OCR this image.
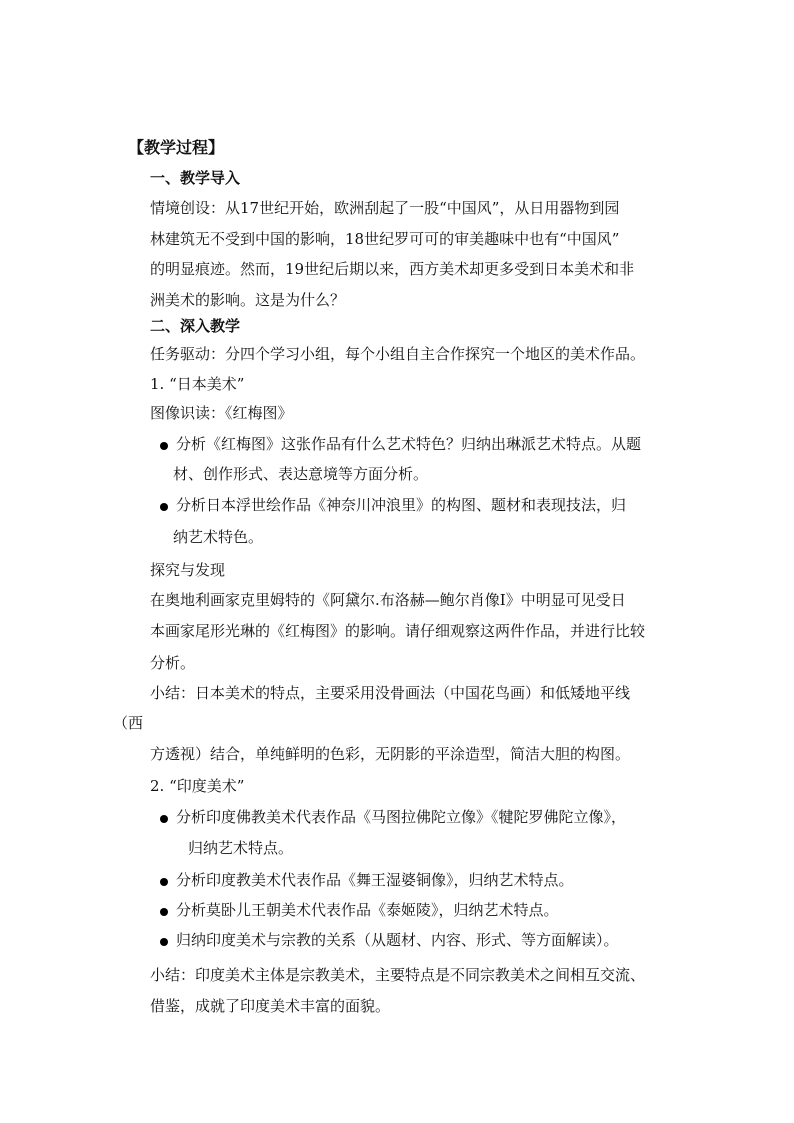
【教学过程】
一、教学导入
情境创设：从17世纪开始，欧洲刮起了一股“中国风”，从日用器物到园
林建筑无不受到中国的影响，18世纪罗可可的审美趣味中也有“中国风”
的明显痕迹。然而，19世纪后期以来，西方美术却更多受到日本美术和非
洲美术的影响。这是为什么？
二、深入教学
任务驱动：分四个学习小组，每个小组自主合作探究一个地区的美术作品。
1. “日本美术”
图像识读：《红梅图》
分析《红梅图》这张作品有什么艺术特色？归纳出琳派艺术特点。从题
材、创作形式、表达意境等方面分析。
分析日本浮世绘作品《神奈川冲浪里》的构图、题材和表现技法，归
纳艺术特色。
探究与发现
在奥地利画家克里姆特的《阿黛尔.布洛赫—鲍尔肖像Ⅰ》中明显可见受日
本画家尾形光琳的《红梅图》的影响。请仔细观察这两件作品，并进行比较
分析。
小结：日本美术的特点，主要采用没骨画法（中国花鸟画）和低矮地平线
（西
方透视）结合，单纯鲜明的色彩，无阴影的平涂造型，简洁大胆的构图。
2. “印度美术”
分析印度佛教美术代表作品《马图拉佛陀立像》《犍陀罗佛陀立像》，
归纳艺术特点。
分析印度教美术代表作品《舞王湿婆铜像》，归纳艺术特点。
分析莫卧儿王朝美术代表作品《泰姬陵》，归纳艺术特点。
归纳印度美术与宗教的关系（从题材、内容、形式、等方面解读）。
小结：印度美术主体是宗教美术，主要特点是不同宗教美术之间相互交流、
借鉴，成就了印度美术丰富的面貌。
